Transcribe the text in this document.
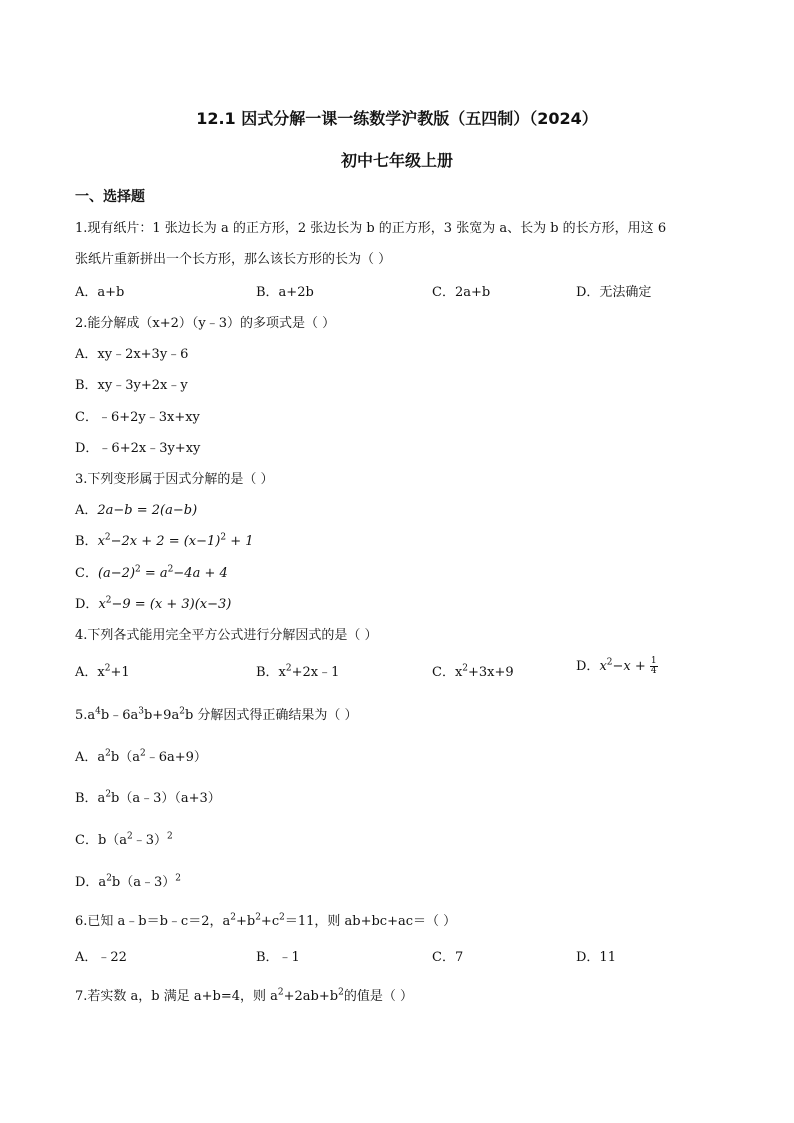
12.1 因式分解一课一练数学沪教版（五四制）（2024）
初中七年级上册
一、选择题
1.现有纸片：1 张边长为 a 的正方形，2 张边长为 b 的正方形，3 张宽为 a、长为 b 的长方形，用这 6
张纸片重新拼出一个长方形，那么该长方形的长为（ ）
A．a+b	B．a+2b	C．2a+b	D．无法确定
2.能分解成（x+2）（y﹣3）的多项式是（ ）
A．xy﹣2x+3y﹣6
B．xy﹣3y+2x﹣y
C．﹣6+2y﹣3x+xy
D．﹣6+2x﹣3y+xy
3.下列变形属于因式分解的是（ ）
A．2a−b = 2(a−b)
B．$x^2-2x + 2 = (x-1)^2 + 1$
C．$(a-2)^2 = a^2-4a + 4$
D．$x^2-9 = (x + 3)(x-3)$
4.下列各式能用完全平方公式进行分解因式的是（ ）
A．$x^2+1$	B．$x^2+2x﹣1$	C．$x^2+3x+9$	D．$x^2-x + \frac{1}{4}$
$5.a^4b﹣6a^3b+9a^2b$ 分解因式得正确结果为（ ）
A．$a^2b(a^2﹣6a+9)$
B．$a^2b(a﹣3)(a+3)$
C．$b(a^2﹣3)^2$
D．$a^2b(a﹣3)^2$
6.已知 a﹣b＝b﹣c＝2，$a^2+b^2+c^2=11$，则 ab+bc+ac＝（ ）
A．﹣22	B．﹣1	C．7	D．11
7.若实数 a，b 满足 a+b=4，则 $a^2+2ab+b^2$的值是（ ）
